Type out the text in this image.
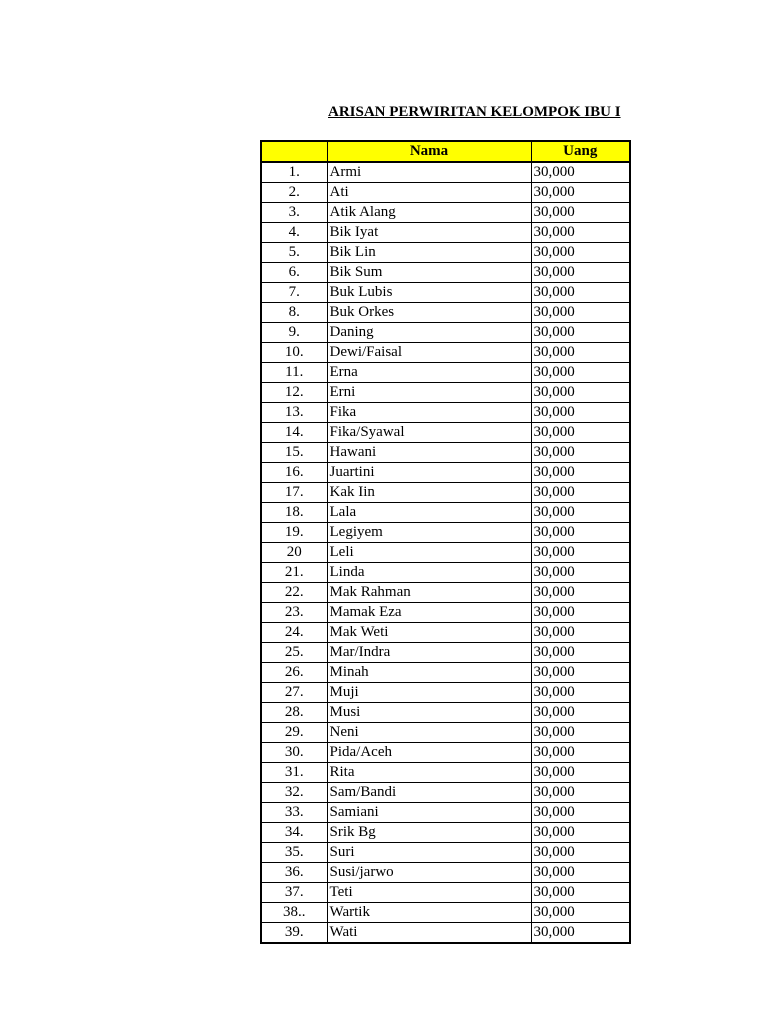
ARISAN PERWIRITAN KELOMPOK IBU I
	Nama	Uang
1.	Armi	30,000
2.	Ati	30,000
3.	Atik Alang	30,000
4.	Bik Iyat	30,000
5.	Bik Lin	30,000
6.	Bik Sum	30,000
7.	Buk Lubis	30,000
8.	Buk Orkes	30,000
9.	Daning	30,000
10.	Dewi/Faisal	30,000
11.	Erna	30,000
12.	Erni	30,000
13.	Fika	30,000
14.	Fika/Syawal	30,000
15.	Hawani	30,000
16.	Juartini	30,000
17.	Kak Iin	30,000
18.	Lala	30,000
19.	Legiyem	30,000
20	Leli	30,000
21.	Linda	30,000
22.	Mak Rahman	30,000
23.	Mamak Eza	30,000
24.	Mak Weti	30,000
25.	Mar/Indra	30,000
26.	Minah	30,000
27.	Muji	30,000
28.	Musi	30,000
29.	Neni	30,000
30.	Pida/Aceh	30,000
31.	Rita	30,000
32.	Sam/Bandi	30,000
33.	Samiani	30,000
34.	Srik Bg	30,000
35.	Suri	30,000
36.	Susi/jarwo	30,000
37.	Teti	30,000
38..	Wartik	30,000
39.	Wati	30,000
